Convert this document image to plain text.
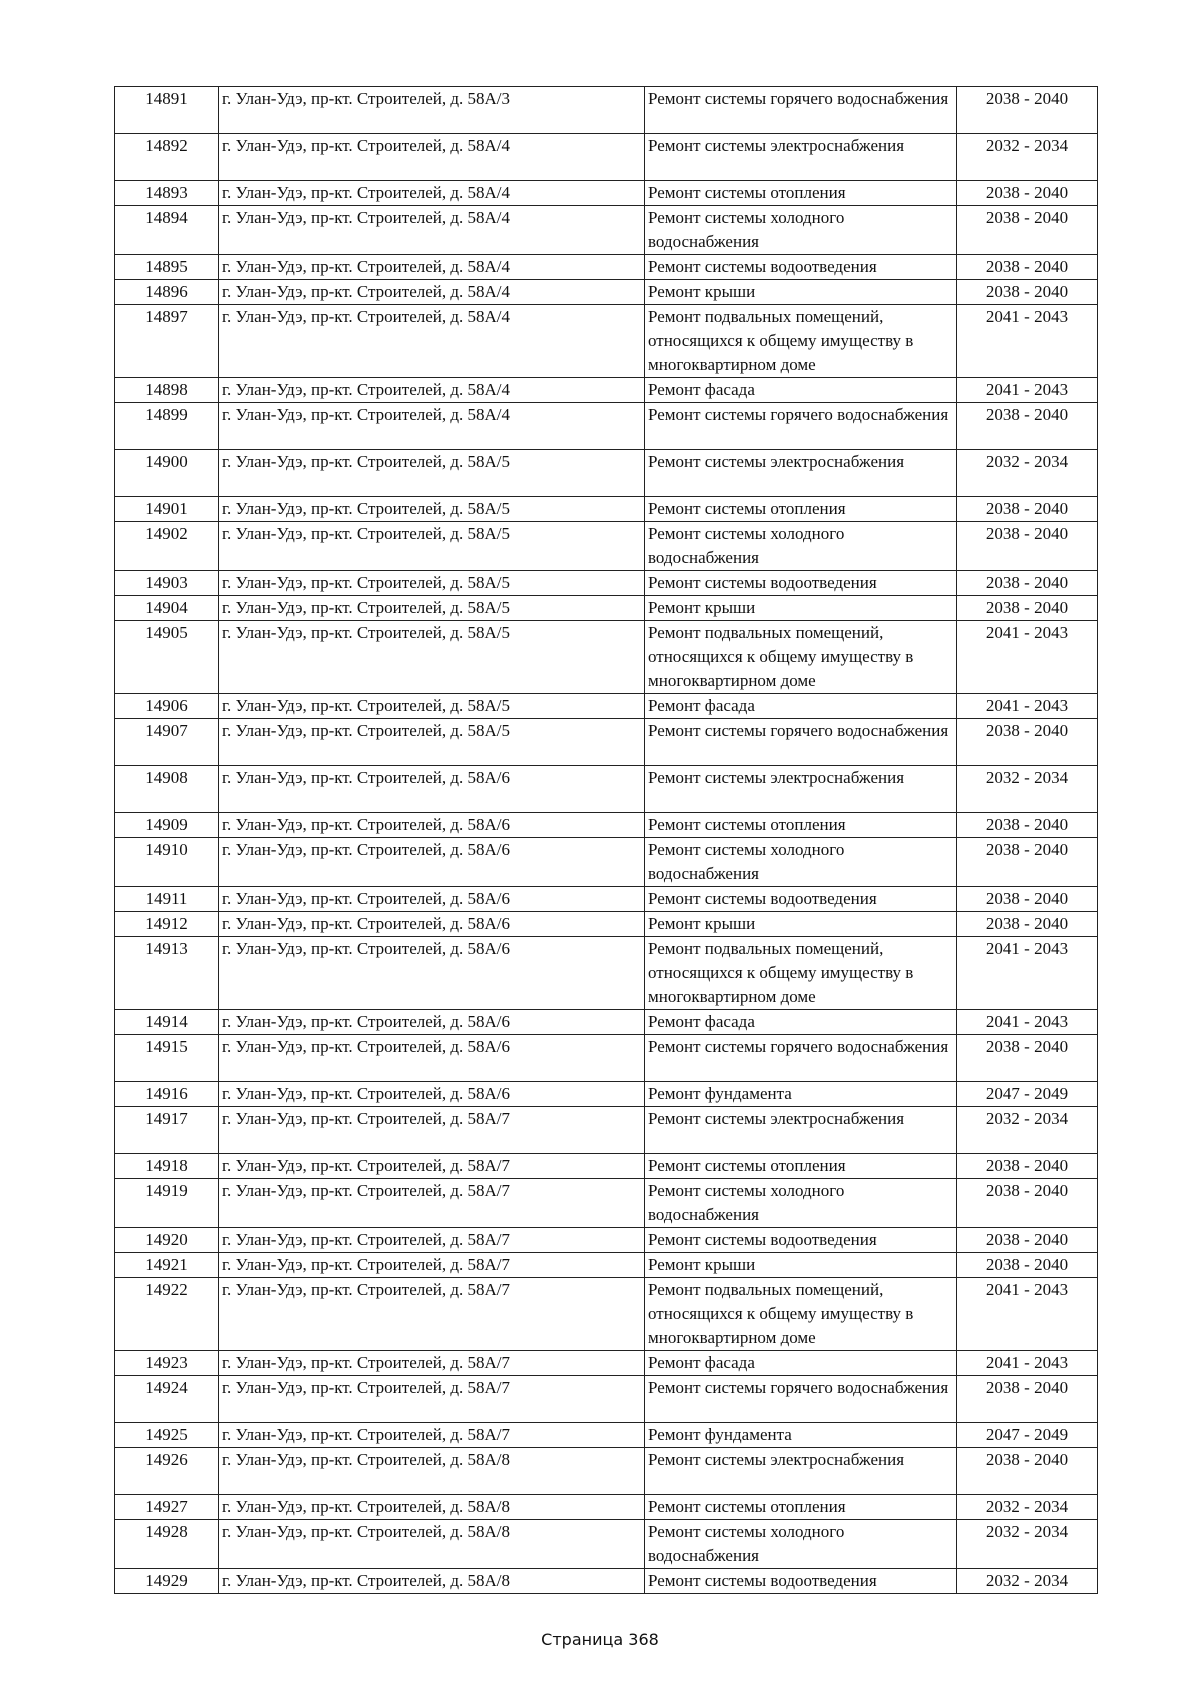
14891	г. Улан-Удэ, пр-кт. Строителей, д. 58А/3	Ремонт системы горячего водоснабжения	2038 - 2040
14892	г. Улан-Удэ, пр-кт. Строителей, д. 58А/4	Ремонт системы электроснабжения	2032 - 2034
14893	г. Улан-Удэ, пр-кт. Строителей, д. 58А/4	Ремонт системы отопления	2038 - 2040
14894	г. Улан-Удэ, пр-кт. Строителей, д. 58А/4	Ремонт системы холодного водоснабжения	2038 - 2040
14895	г. Улан-Удэ, пр-кт. Строителей, д. 58А/4	Ремонт системы водоотведения	2038 - 2040
14896	г. Улан-Удэ, пр-кт. Строителей, д. 58А/4	Ремонт крыши	2038 - 2040
14897	г. Улан-Удэ, пр-кт. Строителей, д. 58А/4	Ремонт подвальных помещений, относящихся к общему имуществу в многоквартирном доме	2041 - 2043
14898	г. Улан-Удэ, пр-кт. Строителей, д. 58А/4	Ремонт фасада	2041 - 2043
14899	г. Улан-Удэ, пр-кт. Строителей, д. 58А/4	Ремонт системы горячего водоснабжения	2038 - 2040
14900	г. Улан-Удэ, пр-кт. Строителей, д. 58А/5	Ремонт системы электроснабжения	2032 - 2034
14901	г. Улан-Удэ, пр-кт. Строителей, д. 58А/5	Ремонт системы отопления	2038 - 2040
14902	г. Улан-Удэ, пр-кт. Строителей, д. 58А/5	Ремонт системы холодного водоснабжения	2038 - 2040
14903	г. Улан-Удэ, пр-кт. Строителей, д. 58А/5	Ремонт системы водоотведения	2038 - 2040
14904	г. Улан-Удэ, пр-кт. Строителей, д. 58А/5	Ремонт крыши	2038 - 2040
14905	г. Улан-Удэ, пр-кт. Строителей, д. 58А/5	Ремонт подвальных помещений, относящихся к общему имуществу в многоквартирном доме	2041 - 2043
14906	г. Улан-Удэ, пр-кт. Строителей, д. 58А/5	Ремонт фасада	2041 - 2043
14907	г. Улан-Удэ, пр-кт. Строителей, д. 58А/5	Ремонт системы горячего водоснабжения	2038 - 2040
14908	г. Улан-Удэ, пр-кт. Строителей, д. 58А/6	Ремонт системы электроснабжения	2032 - 2034
14909	г. Улан-Удэ, пр-кт. Строителей, д. 58А/6	Ремонт системы отопления	2038 - 2040
14910	г. Улан-Удэ, пр-кт. Строителей, д. 58А/6	Ремонт системы холодного водоснабжения	2038 - 2040
14911	г. Улан-Удэ, пр-кт. Строителей, д. 58А/6	Ремонт системы водоотведения	2038 - 2040
14912	г. Улан-Удэ, пр-кт. Строителей, д. 58А/6	Ремонт крыши	2038 - 2040
14913	г. Улан-Удэ, пр-кт. Строителей, д. 58А/6	Ремонт подвальных помещений, относящихся к общему имуществу в многоквартирном доме	2041 - 2043
14914	г. Улан-Удэ, пр-кт. Строителей, д. 58А/6	Ремонт фасада	2041 - 2043
14915	г. Улан-Удэ, пр-кт. Строителей, д. 58А/6	Ремонт системы горячего водоснабжения	2038 - 2040
14916	г. Улан-Удэ, пр-кт. Строителей, д. 58А/6	Ремонт фундамента	2047 - 2049
14917	г. Улан-Удэ, пр-кт. Строителей, д. 58А/7	Ремонт системы электроснабжения	2032 - 2034
14918	г. Улан-Удэ, пр-кт. Строителей, д. 58А/7	Ремонт системы отопления	2038 - 2040
14919	г. Улан-Удэ, пр-кт. Строителей, д. 58А/7	Ремонт системы холодного водоснабжения	2038 - 2040
14920	г. Улан-Удэ, пр-кт. Строителей, д. 58А/7	Ремонт системы водоотведения	2038 - 2040
14921	г. Улан-Удэ, пр-кт. Строителей, д. 58А/7	Ремонт крыши	2038 - 2040
14922	г. Улан-Удэ, пр-кт. Строителей, д. 58А/7	Ремонт подвальных помещений, относящихся к общему имуществу в многоквартирном доме	2041 - 2043
14923	г. Улан-Удэ, пр-кт. Строителей, д. 58А/7	Ремонт фасада	2041 - 2043
14924	г. Улан-Удэ, пр-кт. Строителей, д. 58А/7	Ремонт системы горячего водоснабжения	2038 - 2040
14925	г. Улан-Удэ, пр-кт. Строителей, д. 58А/7	Ремонт фундамента	2047 - 2049
14926	г. Улан-Удэ, пр-кт. Строителей, д. 58А/8	Ремонт системы электроснабжения	2038 - 2040
14927	г. Улан-Удэ, пр-кт. Строителей, д. 58А/8	Ремонт системы отопления	2032 - 2034
14928	г. Улан-Удэ, пр-кт. Строителей, д. 58А/8	Ремонт системы холодного водоснабжения	2032 - 2034
14929	г. Улан-Удэ, пр-кт. Строителей, д. 58А/8	Ремонт системы водоотведения	2032 - 2034
Страница 368
